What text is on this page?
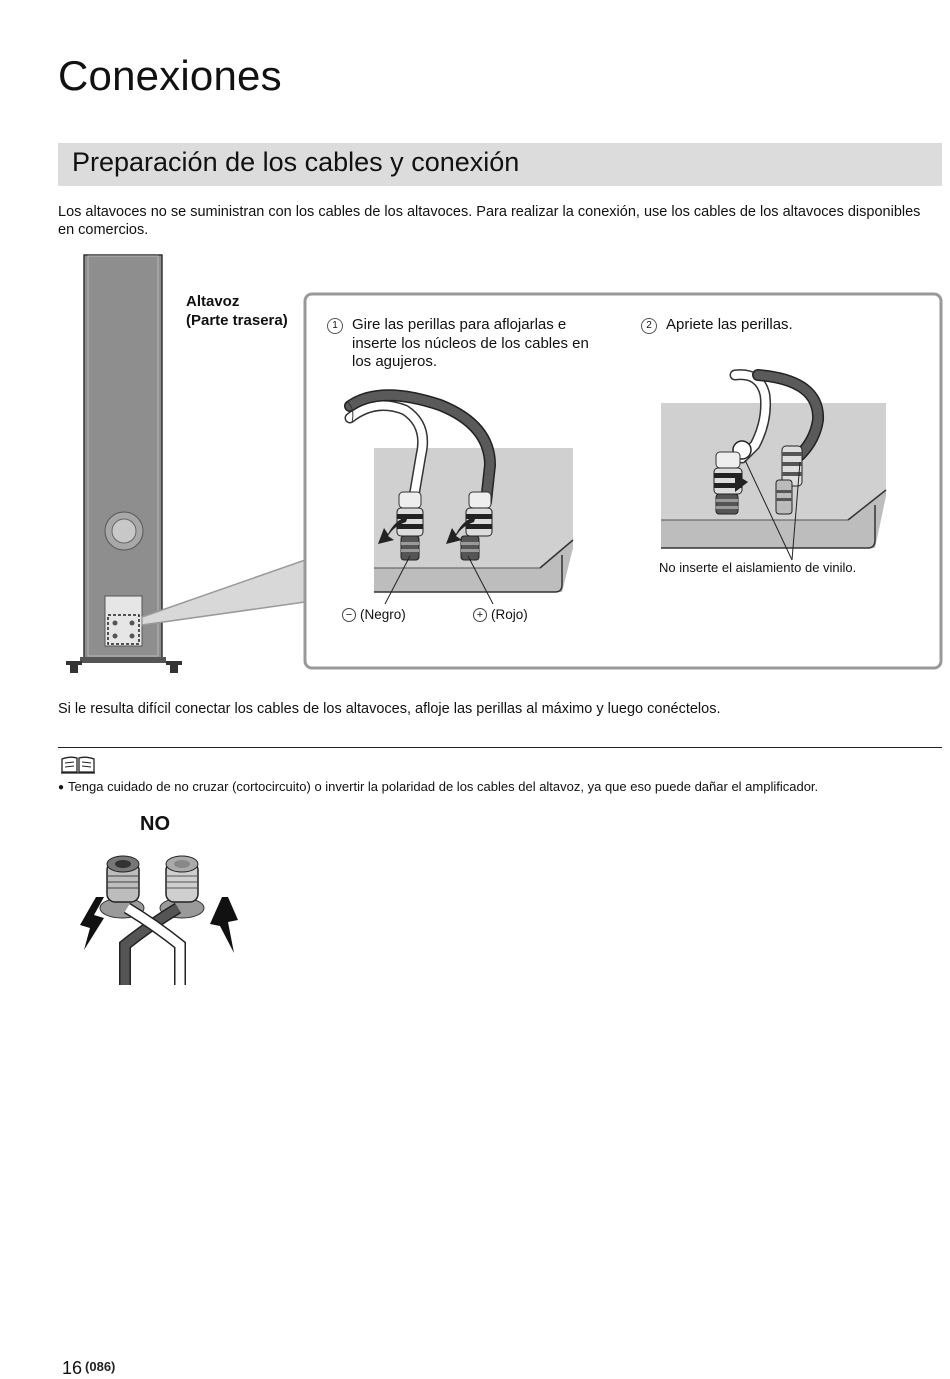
Conexiones
Preparación de los cables y conexión

Los altavoces no se suministran con los cables de los altavoces. Para realizar la conexión, use los cables de los altavoces disponibles en comercios.

Altavoz
(Parte trasera)	1 Gire las perillas para aflojarlas e inserte los núcleos de los cables en los agujeros.
2 Apriete las perillas.
− (Negro)	+ (Rojo)

No inserte el aislamiento de vinilo.

Si le resulta difícil conectar los cables de los altavoces, afloje las perillas al máximo y luego conéctelos.

● Tenga cuidado de no cruzar (cortocircuito) o invertir la polaridad de los cables del altavoz, ya que eso puede dañar el amplificador.

NO

16 (086)
